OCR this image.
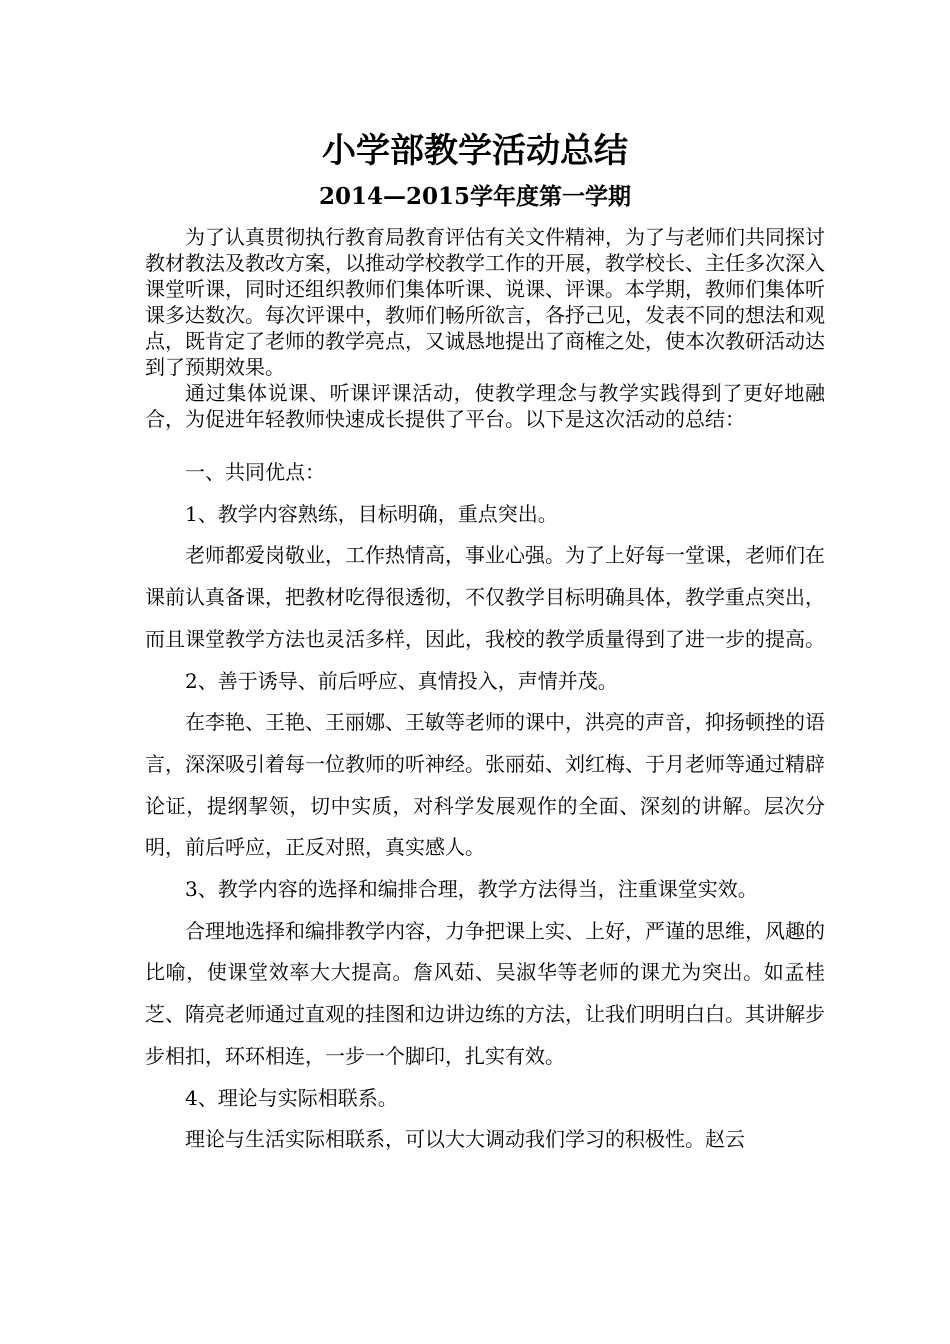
小学部教学活动总结
2014—2015学年度第一学期

为了认真贯彻执行教育局教育评估有关文件精神，为了与老师们共同探讨教材教法及教改方案，以推动学校教学工作的开展，教学校长、主任多次深入课堂听课，同时还组织教师们集体听课、说课、评课。本学期，教师们集体听课多达数次。每次评课中，教师们畅所欲言，各抒己见，发表不同的想法和观点，既肯定了老师的教学亮点，又诚恳地提出了商榷之处，使本次教研活动达到了预期效果。

通过集体说课、听课评课活动，使教学理念与教学实践得到了更好地融合，为促进年轻教师快速成长提供了平台。以下是这次活动的总结：

一、共同优点：

1、教学内容熟练，目标明确，重点突出。

老师都爱岗敬业，工作热情高，事业心强。为了上好每一堂课，老师们在课前认真备课，把教材吃得很透彻，不仅教学目标明确具体，教学重点突出，而且课堂教学方法也灵活多样，因此，我校的教学质量得到了进一步的提高。

2、善于诱导、前后呼应、真情投入，声情并茂。

在李艳、王艳、王丽娜、王敏等老师的课中，洪亮的声音，抑扬顿挫的语言，深深吸引着每一位教师的听神经。张丽茹、刘红梅、于月老师等通过精辟论证，提纲挈领，切中实质，对科学发展观作的全面、深刻的讲解。层次分明，前后呼应，正反对照，真实感人。

3、教学内容的选择和编排合理，教学方法得当，注重课堂实效。

合理地选择和编排教学内容，力争把课上实、上好，严谨的思维，风趣的比喻，使课堂效率大大提高。詹风茹、吴淑华等老师的课尤为突出。如孟桂芝、隋亮老师通过直观的挂图和边讲边练的方法，让我们明明白白。其讲解步步相扣，环环相连，一步一个脚印，扎实有效。

4、理论与实际相联系。

理论与生活实际相联系，可以大大调动我们学习的积极性。赵云
